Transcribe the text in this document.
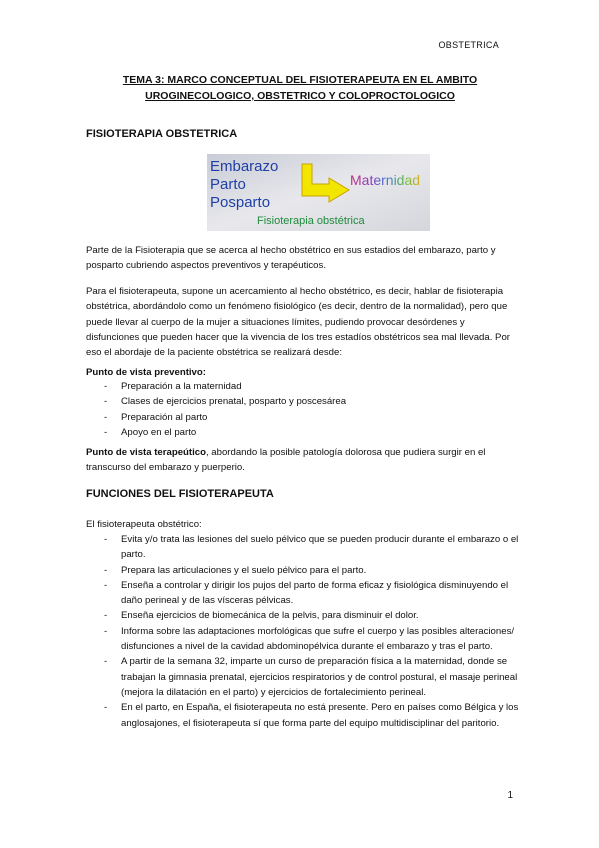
OBSTETRICA
TEMA 3: MARCO CONCEPTUAL DEL FISIOTERAPEUTA EN EL AMBITO
UROGINECOLOGICO, OBSTETRICO Y COLOPROCTOLOGICO
FISIOTERAPIA OBSTETRICA
Embarazo
Parto
Posparto
Maternidad
Fisioterapia obstétrica
Parte de la Fisioterapia que se acerca al hecho obstétrico en sus estadios del embarazo, parto y posparto cubriendo aspectos preventivos y terapéuticos.
Para el fisioterapeuta, supone un acercamiento al hecho obstétrico, es decir, hablar de fisioterapia obstétrica, abordándolo como un fenómeno fisiológico (es decir, dentro de la normalidad), pero que puede llevar al cuerpo de la mujer a situaciones límites, pudiendo provocar desórdenes y disfunciones que pueden hacer que la vivencia de los tres estadíos obstétricos sea mal llevada. Por eso el abordaje de la paciente obstétrica se realizará desde:
Punto de vista preventivo:
- Preparación a la maternidad
- Clases de ejercicios prenatal, posparto y poscesárea
- Preparación al parto
- Apoyo en el parto
Punto de vista terapeútico, abordando la posible patología dolorosa que pudiera surgir en el transcurso del embarazo y puerperio.
FUNCIONES DEL FISIOTERAPEUTA
El fisioterapeuta obstétrico:
- Evita y/o trata las lesiones del suelo pélvico que se pueden producir durante el embarazo o el parto.
- Prepara las articulaciones y el suelo pélvico para el parto.
- Enseña a controlar y dirigir los pujos del parto de forma eficaz y fisiológica disminuyendo el daño perineal y de las vísceras pélvicas.
- Enseña ejercicios de biomecánica de la pelvis, para disminuir el dolor.
- Informa sobre las adaptaciones morfológicas que sufre el cuerpo y las posibles alteraciones/ disfunciones a nivel de la cavidad abdominopélvica durante el embarazo y tras el parto.
- A partir de la semana 32, imparte un curso de preparación física a la maternidad, donde se trabajan la gimnasia prenatal, ejercicios respiratorios y de control postural, el masaje perineal (mejora la dilatación en el parto) y ejercicios de fortalecimiento perineal.
- En el parto, en España, el fisioterapeuta no está presente. Pero en países como Bélgica y los anglosajones, el fisioterapeuta sí que forma parte del equipo multidisciplinar del paritorio.
1
